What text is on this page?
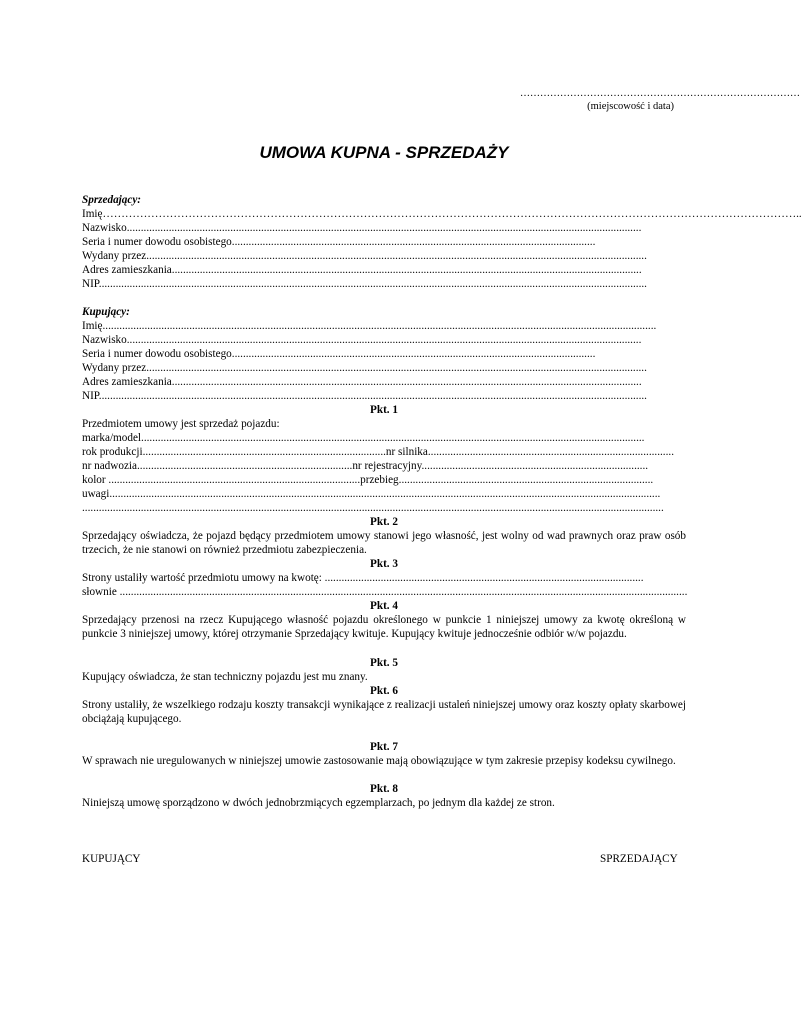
…………………………………………………………………………
(miejscowość i data)
UMOWA KUPNA - SPRZEDAŻY
Sprzedający:
Imię……………………………………………………………………………………………………………………………………………………………………..
Nazwisko........................................................................................................................................................................................
Seria i numer dowodu osobistego..................................................................................................................................
Wydany przez...................................................................................................................................................................................
Adres zamieszkania........................................................................................................................................................................
NIP....................................................................................................................................................................................................
Kupujący:
Imię......................................................................................................................................................................................................
Nazwisko........................................................................................................................................................................................
Seria i numer dowodu osobistego..................................................................................................................................
Wydany przez...................................................................................................................................................................................
Adres zamieszkania........................................................................................................................................................................
NIP....................................................................................................................................................................................................
Pkt. 1
Przedmiotem umowy jest sprzedaż pojazdu:
marka/model....................................................................................................................................................................................
rok produkcji.......................................................................................nr silnika........................................................................................
nr nadwozia.............................................................................nr rejestracyjny.................................................................................
kolor ..........................................................................................przebieg...........................................................................................
uwagi.....................................................................................................................................................................................................
................................................................................................................................................................................................................
Pkt. 2
Sprzedający oświadcza, że pojazd będący przedmiotem umowy stanowi jego własność, jest wolny od wad prawnych oraz praw osób trzecich, że nie stanowi on również przedmiotu zabezpieczenia.
Pkt. 3
Strony ustaliły wartość przedmiotu umowy na kwotę: ..................................................................................................................
słownie ...........................................................................................................................................................................................................
Pkt. 4
Sprzedający przenosi na rzecz Kupującego własność pojazdu określonego w punkcie 1 niniejszej umowy za kwotę określoną w punkcie 3 niniejszej umowy, której otrzymanie Sprzedający kwituje. Kupujący kwituje jednocześnie odbiór w/w pojazdu.
Pkt. 5
Kupujący oświadcza, że stan techniczny pojazdu jest mu znany.
Pkt. 6
Strony ustaliły, że wszelkiego rodzaju koszty transakcji wynikające z realizacji ustaleń niniejszej umowy oraz koszty opłaty skarbowej obciążają kupującego.
Pkt. 7
W sprawach nie uregulowanych w niniejszej umowie zastosowanie mają obowiązujące w tym zakresie przepisy kodeksu cywilnego.
Pkt. 8
Niniejszą umowę sporządzono w dwóch jednobrzmiących egzemplarzach, po jednym dla każdej ze stron.
KUPUJĄCY	SPRZEDAJĄCY
